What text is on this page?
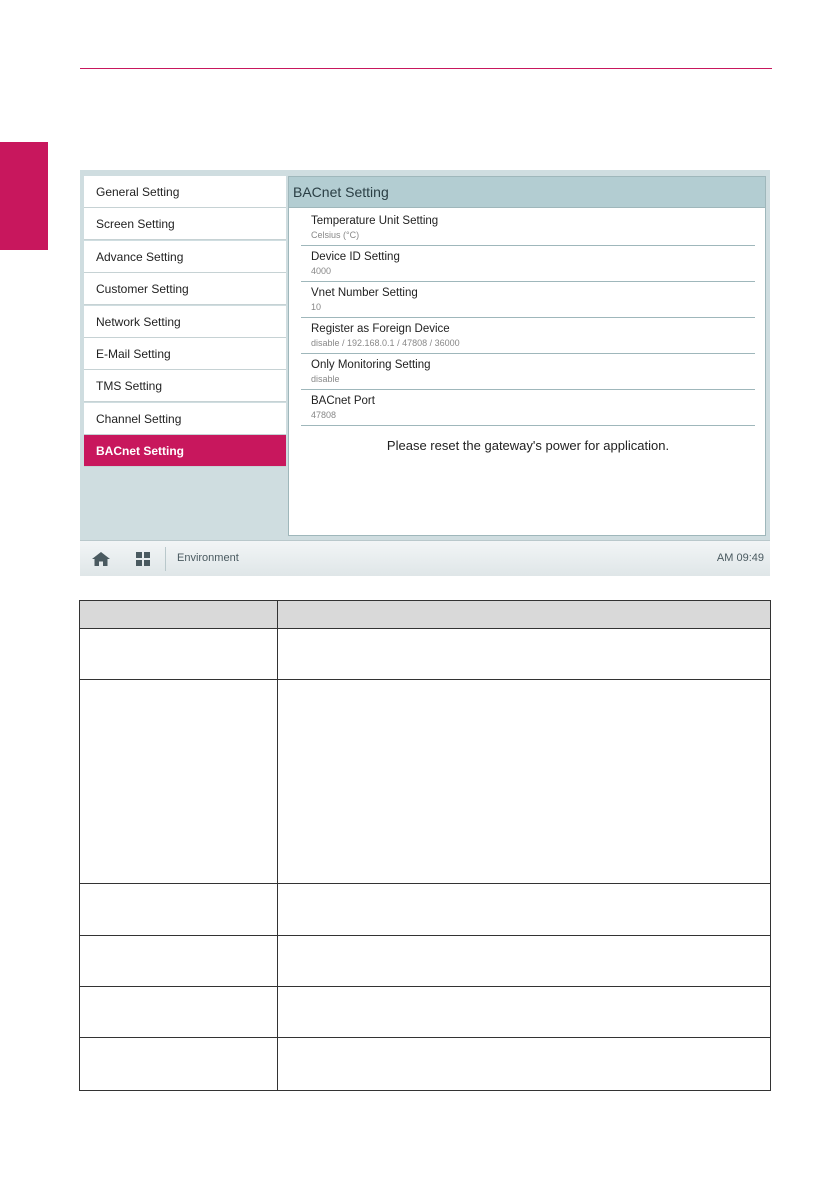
General Setting
Screen Setting
Advance Setting
Customer Setting
Network Setting
E-Mail Setting
TMS Setting
Channel Setting
BACnet Setting
BACnet Setting
Temperature Unit Setting
Celsius (°C)
Device ID Setting
4000
Vnet Number Setting
10
Register as Foreign Device
disable / 192.168.0.1 / 47808 / 36000
Only Monitoring Setting
disable
BACnet Port
47808
Please reset the gateway's power for application.
Environment	AM 09:49
